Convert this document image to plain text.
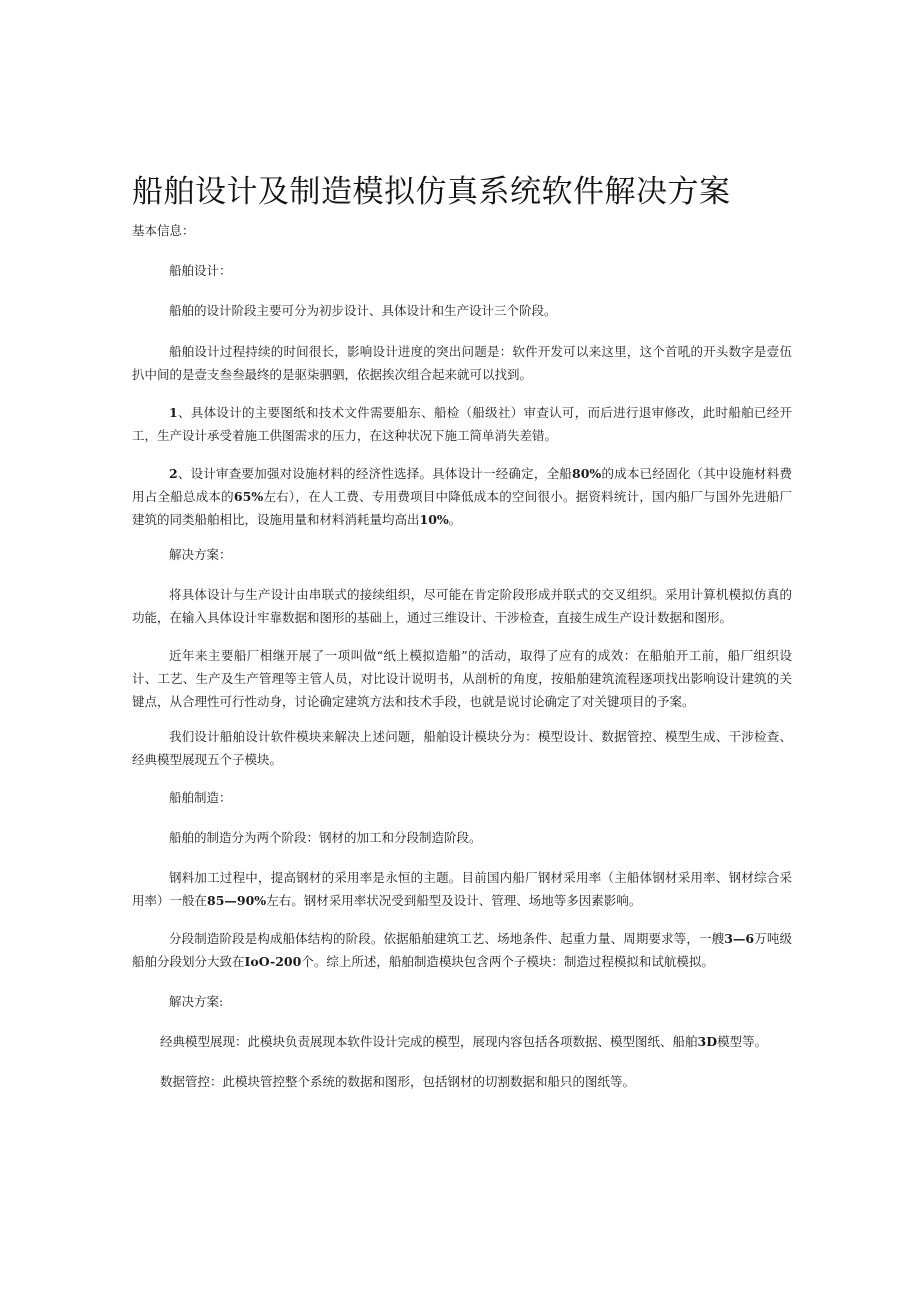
船舶设计及制造模拟仿真系统软件解决方案
基本信息：
船舶设计：

船舶的设计阶段主要可分为初步设计、具体设计和生产设计三个阶段。

船舶设计过程持续的时间很长，影响设计进度的突出问题是：软件开发可以来这里，这个首吼的开头数字是壹伍扒中间的是壹支叁叁最终的是驱柒驷驷，依据挨次组合起来就可以找到。

1、具体设计的主要图纸和技术文件需要船东、船检（船级社）审查认可，而后进行退审修改，此时船舶已经开工，生产设计承受着施工供图需求的压力，在这种状况下施工简单消失差错。

2、设计审查要加强对设施材料的经济性选择。具体设计一经确定，全船80%的成本已经固化（其中设施材料费用占全船总成本的65%左右），在人工费、专用费项目中降低成本的空间很小。据资料统计，国内船厂与国外先进船厂建筑的同类船舶相比，设施用量和材料消耗量均高出10%。

解决方案：

将具体设计与生产设计由串联式的接续组织，尽可能在肯定阶段形成并联式的交叉组织。采用计算机模拟仿真的功能，在输入具体设计牢靠数据和图形的基础上，通过三维设计、干涉检查，直接生成生产设计数据和图形。

近年来主要船厂相继开展了一项叫做“纸上模拟造船”的活动，取得了应有的成效：在船舶开工前，船厂组织设计、工艺、生产及生产管理等主管人员，对比设计说明书，从剖析的角度，按船舶建筑流程逐项找出影响设计建筑的关键点，从合理性可行性动身，讨论确定建筑方法和技术手段，也就是说讨论确定了对关键项目的予案。

我们设计船舶设计软件模块来解决上述问题，船舶设计模块分为：模型设计、数据管控、模型生成、干涉检查、经典模型展现五个子模块。

船舶制造：

船舶的制造分为两个阶段：钢材的加工和分段制造阶段。

钢料加工过程中，提高钢材的采用率是永恒的主题。目前国内船厂钢材采用率（主船体钢材采用率、钢材综合采用率）一般在85—90%左右。钢材采用率状况受到船型及设计、管理、场地等多因素影响。

分段制造阶段是构成船体结构的阶段。依据船舶建筑工艺、场地条件、起重力量、周期要求等，一艘3—6万吨级船舶分段划分大致在IoO-200个。综上所述，船舶制造模块包含两个子模块：制造过程模拟和试航模拟。

解决方案:
经典模型展现：此模块负责展现本软件设计完成的模型，展现内容包括各项数据、模型图纸、船舶3D模型等。
数据管控：此模块管控整个系统的数据和图形，包括钢材的切割数据和船只的图纸等。
